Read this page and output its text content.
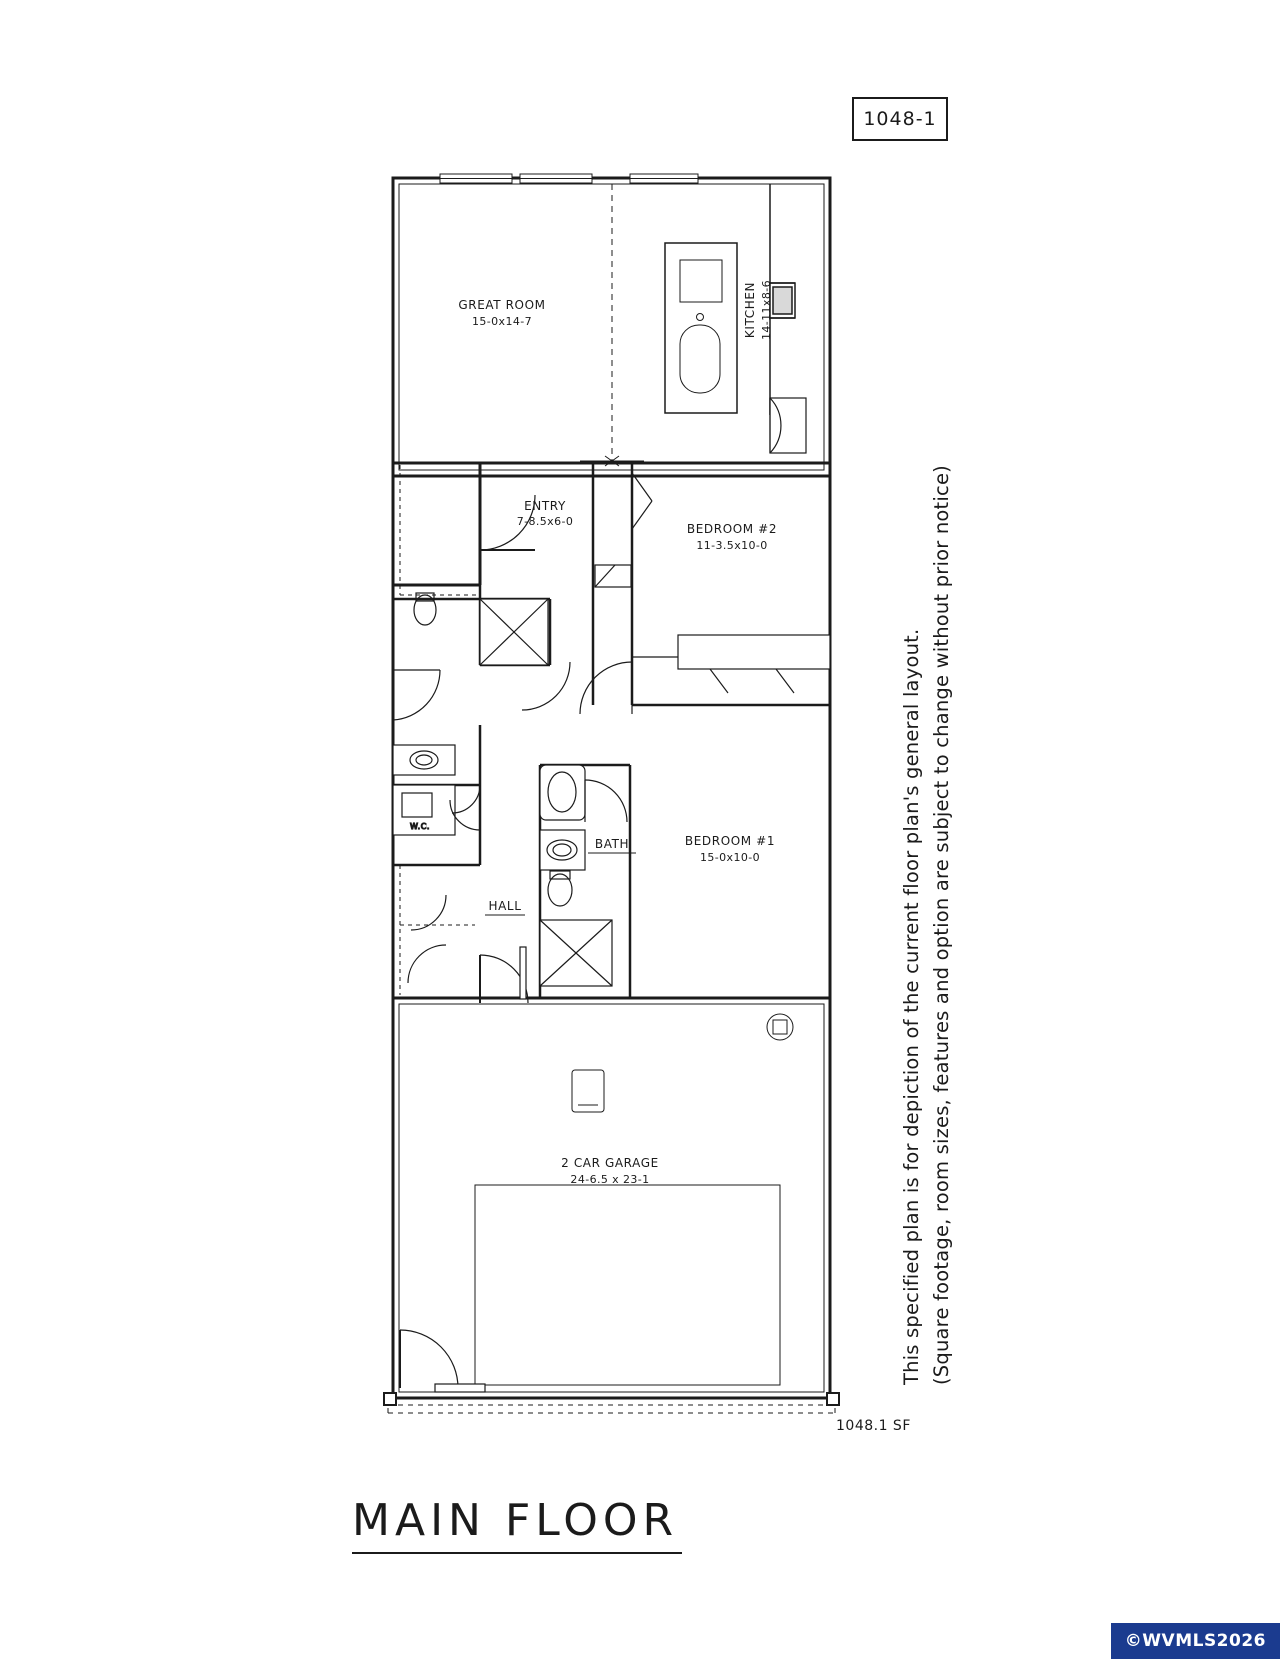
1048-1
This specified plan is for depiction of the current floor plan's general layout. (Square footage, room sizes, features and option are subject to change without prior notice)
W.C.
GREAT ROOM
15-0x14-7	KITCHEN 14-11x8-6
ENTRY
7-8.5x6-0
BEDROOM #2
11-3.5x10-0
BEDROOM #1
15-0x10-0
BATH
HALL
2 CAR GARAGE
24-6.5 x 23-1
1048.1 SF
MAIN FLOOR
©WVMLS2026
